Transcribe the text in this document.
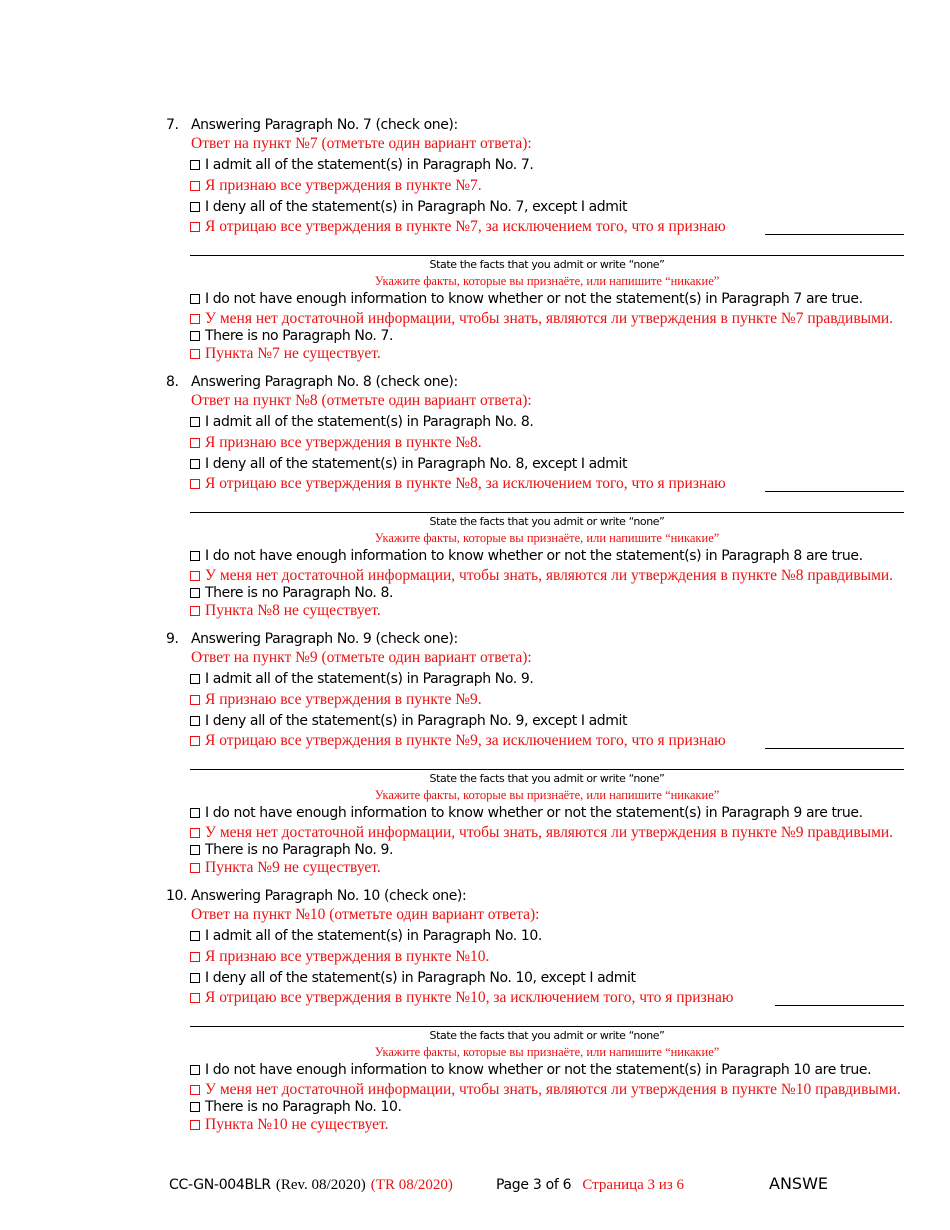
7. Answering Paragraph No. 7 (check one):
Ответ на пункт №7 (отметьте один вариант ответа):
I admit all of the statement(s) in Paragraph No. 7.
Я признаю все утверждения в пункте №7.
I deny all of the statement(s) in Paragraph No. 7, except I admit
Я отрицаю все утверждения в пункте №7, за исключением того, что я признаю
State the facts that you admit or write “none”
Укажите факты, которые вы признаёте, или напишите “никакие”
I do not have enough information to know whether or not the statement(s) in Paragraph 7 are true.
У меня нет достаточной информации, чтобы знать, являются ли утверждения в пункте №7 правдивыми.
There is no Paragraph No. 7.
Пункта №7 не существует.
8. Answering Paragraph No. 8 (check one):
Ответ на пункт №8 (отметьте один вариант ответа):
I admit all of the statement(s) in Paragraph No. 8.
Я признаю все утверждения в пункте №8.
I deny all of the statement(s) in Paragraph No. 8, except I admit
Я отрицаю все утверждения в пункте №8, за исключением того, что я признаю
State the facts that you admit or write “none”
Укажите факты, которые вы признаёте, или напишите “никакие”
I do not have enough information to know whether or not the statement(s) in Paragraph 8 are true.
У меня нет достаточной информации, чтобы знать, являются ли утверждения в пункте №8 правдивыми.
There is no Paragraph No. 8.
Пункта №8 не существует.
9. Answering Paragraph No. 9 (check one):
Ответ на пункт №9 (отметьте один вариант ответа):
I admit all of the statement(s) in Paragraph No. 9.
Я признаю все утверждения в пункте №9.
I deny all of the statement(s) in Paragraph No. 9, except I admit
Я отрицаю все утверждения в пункте №9, за исключением того, что я признаю
State the facts that you admit or write “none”
Укажите факты, которые вы признаёте, или напишите “никакие”
I do not have enough information to know whether or not the statement(s) in Paragraph 9 are true.
У меня нет достаточной информации, чтобы знать, являются ли утверждения в пункте №9 правдивыми.
There is no Paragraph No. 9.
Пункта №9 не существует.
10. Answering Paragraph No. 10 (check one):
Ответ на пункт №10 (отметьте один вариант ответа):
I admit all of the statement(s) in Paragraph No. 10.
Я признаю все утверждения в пункте №10.
I deny all of the statement(s) in Paragraph No. 10, except I admit
Я отрицаю все утверждения в пункте №10, за исключением того, что я признаю
State the facts that you admit or write “none”
Укажите факты, которые вы признаёте, или напишите “никакие”
I do not have enough information to know whether or not the statement(s) in Paragraph 10 are true.
У меня нет достаточной информации, чтобы знать, являются ли утверждения в пункте №10 правдивыми.
There is no Paragraph No. 10.
Пункта №10 не существует.
CC-GN-004BLR (Rev. 08/2020) (TR 08/2020)	Page 3 of 6 Страница 3 из 6	ANSWE
